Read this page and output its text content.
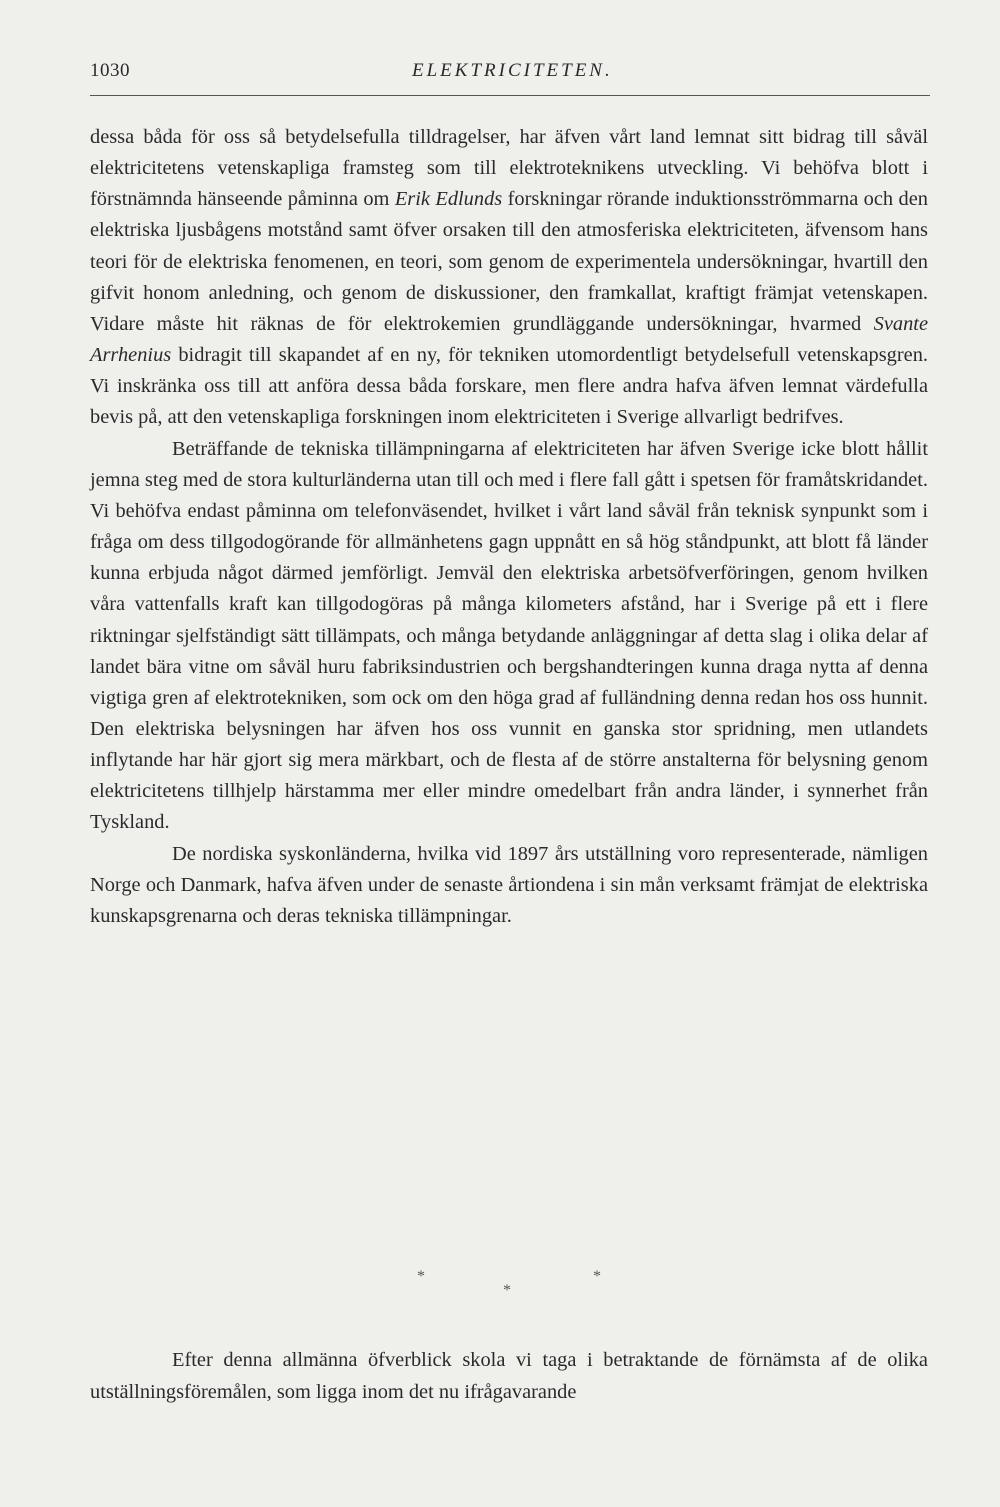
1030	ELEKTRICITETEN.

dessa båda för oss så betydelsefulla tilldragelser, har äfven vårt land lemnat sitt bidrag till såväl elektricitetens vetenskapliga framsteg som till elektroteknikens utveckling. Vi behöfva blott i förstnämnda hänseende påminna om Erik Edlunds forskningar rörande induktionsströmmarna och den elektriska ljusbågens motstånd samt öfver orsaken till den atmosferiska elektriciteten, äfvensom hans teori för de elektriska fenomenen, en teori, som genom de experimentela undersökningar, hvartill den gifvit honom anledning, och genom de diskussioner, den framkallat, kraftigt främjat vetenskapen. Vidare måste hit räknas de för elektrokemien grundläggande undersökningar, hvarmed Svante Arrhenius bidragit till skapandet af en ny, för tekniken utomordentligt betydelsefull vetenskapsgren. Vi inskränka oss till att anföra dessa båda forskare, men flere andra hafva äfven lemnat värdefulla bevis på, att den vetenskapliga forskningen inom elektriciteten i Sverige allvarligt bedrifves.

Beträffande de tekniska tillämpningarna af elektriciteten har äfven Sverige icke blott hållit jemna steg med de stora kulturländerna utan till och med i flere fall gått i spetsen för framåtskridandet. Vi behöfva endast påminna om telefonväsendet, hvilket i vårt land såväl från teknisk synpunkt som i fråga om dess tillgodogörande för allmänhetens gagn uppnått en så hög ståndpunkt, att blott få länder kunna erbjuda något därmed jemförligt. Jemväl den elektriska arbetsöfverföringen, genom hvilken våra vattenfalls kraft kan tillgodogöras på många kilometers afstånd, har i Sverige på ett i flere riktningar sjelfständigt sätt tillämpats, och många betydande anläggningar af detta slag i olika delar af landet bära vitne om såväl huru fabriksindustrien och bergshandteringen kunna draga nytta af denna vigtiga gren af elektrotekniken, som ock om den höga grad af fulländning denna redan hos oss hunnit. Den elektriska belysningen har äfven hos oss vunnit en ganska stor spridning, men utlandets inflytande har här gjort sig mera märkbart, och de flesta af de större anstalterna för belysning genom elektricitetens tillhjelp härstamma mer eller mindre omedelbart från andra länder, i synnerhet från Tyskland.

De nordiska syskonländerna, hvilka vid 1897 års utställning voro representerade, nämligen Norge och Danmark, hafva äfven under de senaste årtiondena i sin mån verksamt främjat de elektriska kunskapsgrenarna och deras tekniska tillämpningar.

*	*
*

Efter denna allmänna öfverblick skola vi taga i betraktande de förnämsta af de olika utställningsföremålen, som ligga inom det nu ifrågavarande
